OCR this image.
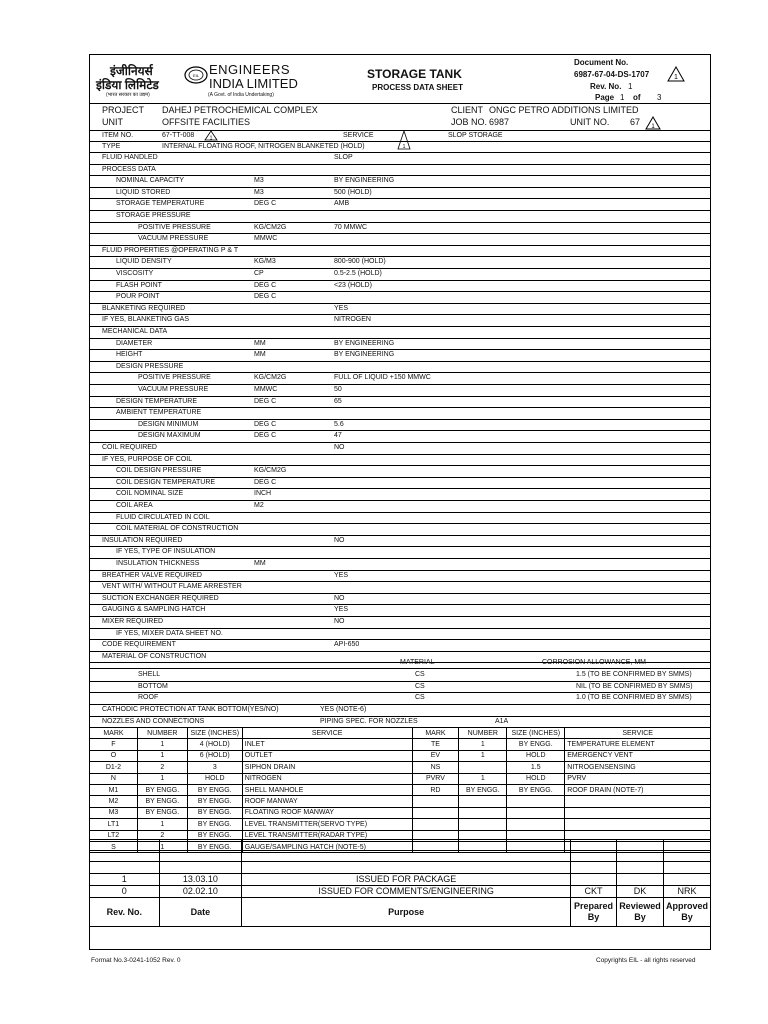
इंजीनियर्स
इंडिया लिमिटेड
(भारत सरकार का उद्यम)
EIL ENGINEERS
INDIA LIMITED
(A Govt. of India Undertaking)
STORAGE TANK
PROCESS DATA SHEET
Document No.
6987-67-04-DS-1707
Rev. No. 1
Page 1 of 3
1
PROJECT DAHEJ PETROCHEMICAL COMPLEX	CLIENT ONGC PETRO ADDITIONS LIMITED
UNIT	OFFSITE FACILITIES	JOB NO. 6987	UNIT NO. 67 1
ITEM NO.	67-TT-008	1	SERVICE
1
SLOP STORAGE
TYPE	INTERNAL FLOATING ROOF, NITROGEN BLANKETED (HOLD)
FLUID HANDLED	SLOP
PROCESS DATA
NOMINAL CAPACITY	M3	BY ENGINEERING
LIQUID STORED	M3	500 (HOLD)
STORAGE TEMPERATURE	DEG C	AMB
STORAGE PRESSURE
POSITIVE PRESSURE	KG/CM2G	70 MMWC
VACUUM PRESSURE	MMWC
FLUID PROPERTIES @OPERATING P & T
LIQUID DENSITY	KG/M3	800-900 (HOLD)
VISCOSITY	CP	0.5-2.5 (HOLD)
FLASH POINT	DEG C	<23 (HOLD)
POUR POINT	DEG C
BLANKETING REQUIRED	YES
IF YES, BLANKETING GAS	NITROGEN
MECHANICAL DATA
DIAMETER	MM	BY ENGINEERING
HEIGHT	MM	BY ENGINEERING
DESIGN PRESSURE
POSITIVE PRESSURE	KG/CM2G	FULL OF LIQUID +150 MMWC
VACUUM PRESSURE	MMWC	50
DESIGN TEMPERATURE	DEG C	65
AMBIENT TEMPERATURE
DESIGN MINIMUM	DEG C	5.6
DESIGN MAXIMUM	DEG C	47
COIL REQUIRED	NO
IF YES, PURPOSE OF COIL
COIL DESIGN PRESSURE	KG/CM2G
COIL DESIGN TEMPERATURE	DEG C
COIL NOMINAL SIZE	INCH
COIL AREA	M2
FLUID CIRCULATED IN COIL
COIL MATERIAL OF CONSTRUCTION
INSULATION REQUIRED	NO
IF YES, TYPE OF INSULATION
INSULATION THICKNESS	MM
BREATHER VALVE REQUIRED	YES
VENT WITH/ WITHOUT FLAME ARRESTER
SUCTION EXCHANGER REQUIRED	NO
GAUGING & SAMPLING HATCH	YES
MIXER REQUIRED	NO
IF YES, MIXER DATA SHEET NO.
CODE REQUIREMENT	API-650
MATERIAL OF CONSTRUCTION
MATERIAL	CORROSION ALLOWANCE, MM
SHELL	CS	1.5 (TO BE CONFIRMED BY SMMS)
BOTTOM	CS	NIL (TO BE CONFIRMED BY SMMS)
ROOF	CS	1.0 (TO BE CONFIRMED BY SMMS)
CATHODIC PROTECTION AT TANK BOTTOM(YES/NO)	YES (NOTE-6)
NOZZLES AND CONNECTIONS	PIPING SPEC. FOR NOZZLES	A1A
MARK	NUMBER	SIZE (INCHES)	SERVICE	MARK	NUMBER	SIZE (INCHES)	SERVICE
F	1	4 (HOLD)	INLET	TE	1	BY ENGG.	TEMPERATURE ELEMENT
O	1	6 (HOLD)	OUTLET	EV	1	HOLD	EMERGENCY VENT
D1-2	2	3	SIPHON DRAIN	NS		1.5	NITROGENSENSING
N	1	HOLD	NITROGEN	PVRV	1	HOLD	PVRV
M1	BY ENGG.	BY ENGG.	SHELL MANHOLE	RD	BY ENGG.	BY ENGG.	ROOF DRAIN (NOTE-7)
M2	BY ENGG.	BY ENGG.	ROOF MANWAY				
M3	BY ENGG.	BY ENGG.	FLOATING ROOF MANWAY				
LT1	1	BY ENGG.	LEVEL TRANSMITTER(SERVO TYPE)				
LT2	2	BY ENGG.	LEVEL TRANSMITTER(RADAR TYPE)				
S	1	BY ENGG.	GAUGE/SAMPLING HATCH (NOTE-5)				

1	13.03.10	ISSUED FOR PACKAGE			
0	02.02.10	ISSUED FOR COMMENTS/ENGINEERING	CKT	DK	NRK
Rev. No.	Date	Purpose	Prepared By	Reviewed By	Approved By
Format No.3-0241-1052 Rev. 0	Copyrights EIL - all rights reserved
